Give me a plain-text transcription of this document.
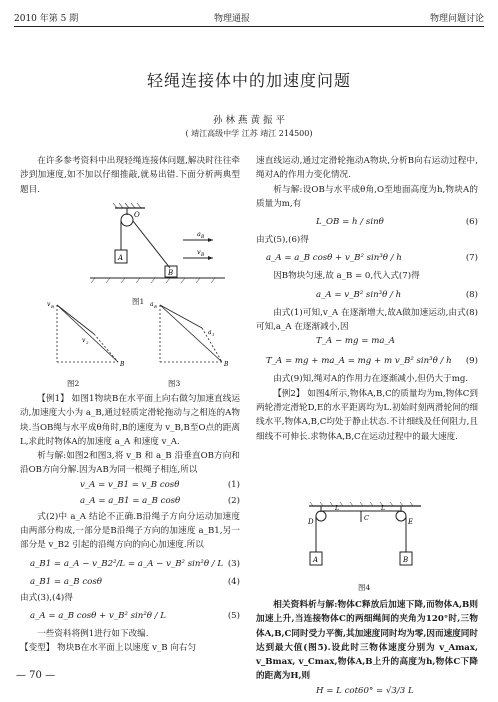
2010 年第 5 期	物理通报	物理问题讨论
轻绳连接体中的加速度问题
孙 林 燕 黄 振 平
( 靖江高级中学 江苏 靖江 214500)

在许多参考资料中出现轻绳连接体问题,解决时往往牵涉到加速度,如不加以仔细推敲,就易出错.下面分析两典型题目.

O
A
B
a B
v B
图1
v B
B
v 2
a B
B
a 1
图2	图3

【例1】 如图1物块B在水平面上向右做匀加速直线运动,加速度大小为 a_B,通过轻质定滑轮拖动与之相连的A物块.当OB绳与水平成θ角时,B的速度为 v_B,B至O点的距离L,求此时物体A的加速度 a_A 和速度 v_A.

析与解:如图2和图3,将 v_B 和 a_B 沿垂直OB方向和沿OB方向分解.因为AB为同一根绳子相连,所以

v_A = v_B1 = v_B cosθ	(1)
a_A = a_B1 = a_B cosθ	(2)

式(2)中 a_A 结论不正确.B沿绳子方向分运动加速度由两部分构成,一部分是B沿绳子方向的加速度 a_B1,另一部分是 v_B2 引起的沿绳方向的向心加速度.所以

a_B1 = a_A − v_B2²/L = a_A − v_B² sin²θ / L (3)
a_B1 = a_B cosθ	(4)

由式(3),(4)得

a_A = a_B cosθ + v_B² sin²θ / L	(5)

一些资料将例1进行如下改编.

【变型】 物块B在水平面上以速度 v_B 向右匀

速直线运动,通过定滑轮拖动A物块,分析B向右运动过程中,绳对A的作用力变化情况.

析与解:设OB与水平成θ角,O至地面高度为h,物块A的质量为m,有

L_OB = h / sinθ	(6)

由式(5),(6)得

a_A = a_B cosθ + v_B² sin³θ / h	(7)

因B物块匀速,故 a_B = 0,代入式(7)得

a_A = v_B² sin³θ / h	(8)

由式(1)可知,v_A 在逐渐增大,故A做加速运动,由式(8)可知,a_A 在逐渐减小,因

T_A − mg = ma_A
T_A = mg + ma_A = mg + m v_B² sin³θ / h (9)

由式(9)知,绳对A的作用力在逐渐减小,但仍大于mg.

【例2】 如图4所示,物体A,B,C的质量均为m,物体C到两轮滑定滑轮D,E的水平距离均为L.初始时刻两滑轮间的细线水平,物体A,B,C均处于静止状态.不计细线及任何阻力,且细线不可伸长.求物体A,B,C在运动过程中的最大速度.

D	E
C
A	B
L	L
图4

相关资料析与解:物体C释放后加速下降,而物体A,B则加速上升,当连接物体C的两细绳间的夹角为120°时,三物体A,B,C同时受力平衡,其加速度同时均为零,因而速度同时达到最大值(图5).设此时三物体速度分别为 v_Amax, v_Bmax, v_Cmax,物体A,B上升的高度为h,物体C下降的距离为H,则

H = L cot60° = √3/3 L
— 70 —
